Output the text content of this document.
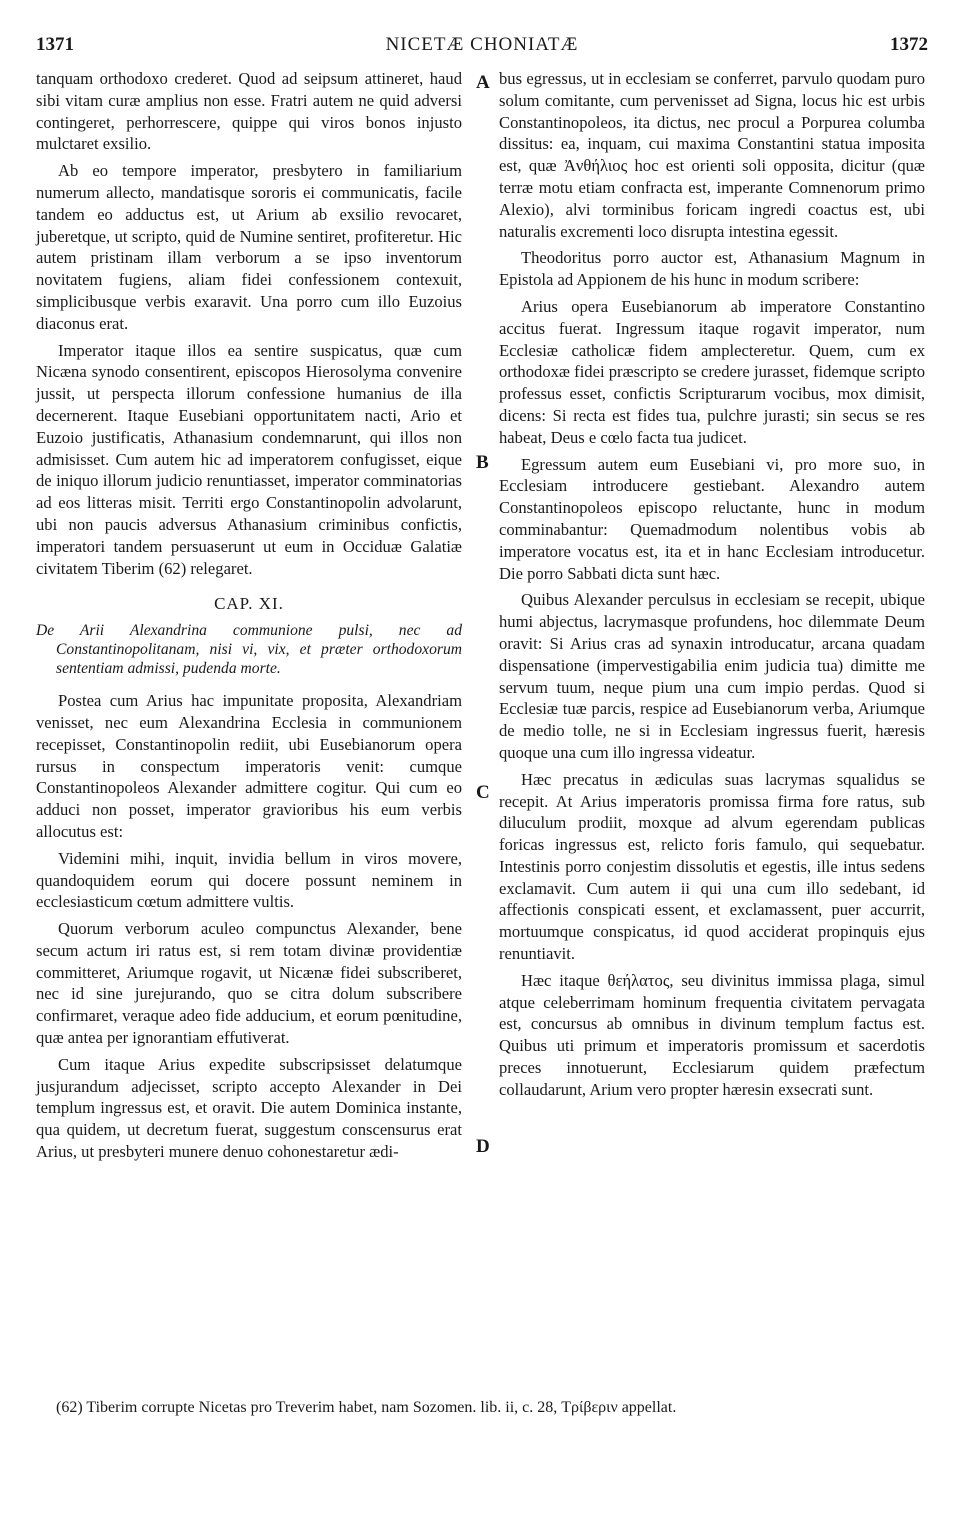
1371	NICETÆ CHONIATÆ	1372

tanquam orthodoxo crederet. Quod ad seipsum attineret, haud sibi vitam curæ amplius non esse. Fratri autem ne quid adversi contingeret, perhorrescere, quippe qui viros bonos injusto mulctaret exsilio.

Ab eo tempore imperator, presbytero in familiarium numerum allecto, mandatisque sororis ei communicatis, facile tandem eo adductus est, ut Arium ab exsilio revocaret, juberetque, ut scripto, quid de Numine sentiret, profiteretur. Hic autem pristinam illam verborum a se ipso inventorum novitatem fugiens, aliam fidei confessionem contexuit, simplicibusque verbis exaravit. Una porro cum illo Euzoius diaconus erat.

Imperator itaque illos ea sentire suspicatus, quæ cum Nicæna synodo consentirent, episcopos Hierosolyma convenire jussit, ut perspecta illorum confessione humanius de illa decernerent. Itaque Eusebiani opportunitatem nacti, Ario et Euzoio justificatis, Athanasium condemnarunt, qui illos non admisisset. Cum autem hic ad imperatorem confugisset, eique de iniquo illorum judicio renuntiasset, imperator comminatorias ad eos litteras misit. Territi ergo Constantinopolin advolarunt, ubi non paucis adversus Athanasium criminibus confictis, imperatori tandem persuaserunt ut eum in Occiduæ Galatiæ civitatem Tiberim (62) relegaret.

CAP. XI.
De Arii Alexandrina communione pulsi, nec ad Constantinopolitanam, nisi vi, vix, et præter orthodoxorum sententiam admissi, pudenda morte.

Postea cum Arius hac impunitate proposita, Alexandriam venisset, nec eum Alexandrina Ecclesia in communionem recepisset, Constantinopolin rediit, ubi Eusebianorum opera rursus in conspectum imperatoris venit: cumque Constantinopoleos Alexander admittere cogitur. Qui cum eo adduci non posset, imperator gravioribus his eum verbis allocutus est:

Videmini mihi, inquit, invidia bellum in viros movere, quandoquidem eorum qui docere possunt neminem in ecclesiasticum cœtum admittere vultis.

Quorum verborum aculeo compunctus Alexander, bene secum actum iri ratus est, si rem totam divinæ providentiæ committeret, Ariumque rogavit, ut Nicænæ fidei subscriberet, nec id sine jurejurando, quo se citra dolum subscribere confirmaret, veraque adeo fide adducium, et eorum pœnitudine, quæ antea per ignorantiam effutiverat.

Cum itaque Arius expedite subscripsisset delatumque jusjurandum adjecisset, scripto accepto Alexander in Dei templum ingressus est, et oravit. Die autem Dominica instante, qua quidem, ut decretum fuerat, suggestum conscensurus erat Arius, ut presbyteri munere denuo cohonestaretur ædi-

A
B
C
D

bus egressus, ut in ecclesiam se conferret, parvulo quodam puro solum comitante, cum pervenisset ad Signa, locus hic est urbis Constantinopoleos, ita dictus, nec procul a Porpurea columba dissitus: ea, inquam, cui maxima Constantini statua imposita est, quæ Ἀνθήλιος hoc est orienti soli opposita, dicitur (quæ terræ motu etiam confracta est, imperante Comnenorum primo Alexio), alvi torminibus foricam ingredi coactus est, ubi naturalis excrementi loco disrupta intestina egessit.

Theodoritus porro auctor est, Athanasium Magnum in Epistola ad Appionem de his hunc in modum scribere:

Arius opera Eusebianorum ab imperatore Constantino accitus fuerat. Ingressum itaque rogavit imperator, num Ecclesiæ catholicæ fidem amplecteretur. Quem, cum ex orthodoxæ fidei præscripto se credere jurasset, fidemque scripto professus esset, confictis Scripturarum vocibus, mox dimisit, dicens: Si recta est fides tua, pulchre jurasti; sin secus se res habeat, Deus e cœlo facta tua judicet.

Egressum autem eum Eusebiani vi, pro more suo, in Ecclesiam introducere gestiebant. Alexandro autem Constantinopoleos episcopo reluctante, hunc in modum comminabantur: Quemadmodum nolentibus vobis ab imperatore vocatus est, ita et in hanc Ecclesiam introducetur. Die porro Sabbati dicta sunt hæc.

Quibus Alexander perculsus in ecclesiam se recepit, ubique humi abjectus, lacrymasque profundens, hoc dilemmate Deum oravit: Si Arius cras ad synaxin introducatur, arcana quadam dispensatione (impervestigabilia enim judicia tua) dimitte me servum tuum, neque pium una cum impio perdas. Quod si Ecclesiæ tuæ parcis, respice ad Eusebianorum verba, Ariumque de medio tolle, ne si in Ecclesiam ingressus fuerit, hæresis quoque una cum illo ingressa videatur.

Hæc precatus in ædiculas suas lacrymas squalidus se recepit. At Arius imperatoris promissa firma fore ratus, sub diluculum prodiit, moxque ad alvum egerendam publicas foricas ingressus est, relicto foris famulo, qui sequebatur. Intestinis porro conjestim dissolutis et egestis, ille intus sedens exclamavit. Cum autem ii qui una cum illo sedebant, id affectionis conspicati essent, et exclamassent, puer accurrit, mortuumque conspicatus, id quod acciderat propinquis ejus renuntiavit.

Hæc itaque θεήλατος, seu divinitus immissa plaga, simul atque celeberrimam hominum frequentia civitatem pervagata est, concursus ab omnibus in divinum templum factus est. Quibus uti primum et imperatoris promissum et sacerdotis preces innotuerunt, Ecclesiarum quidem præfectum collaudarunt, Arium vero propter hæresin exsecrati sunt.

(62) Tiberim corrupte Nicetas pro Treverim habet, nam Sozomen. lib. ii, c. 28, Τρίβεριν appellat.
